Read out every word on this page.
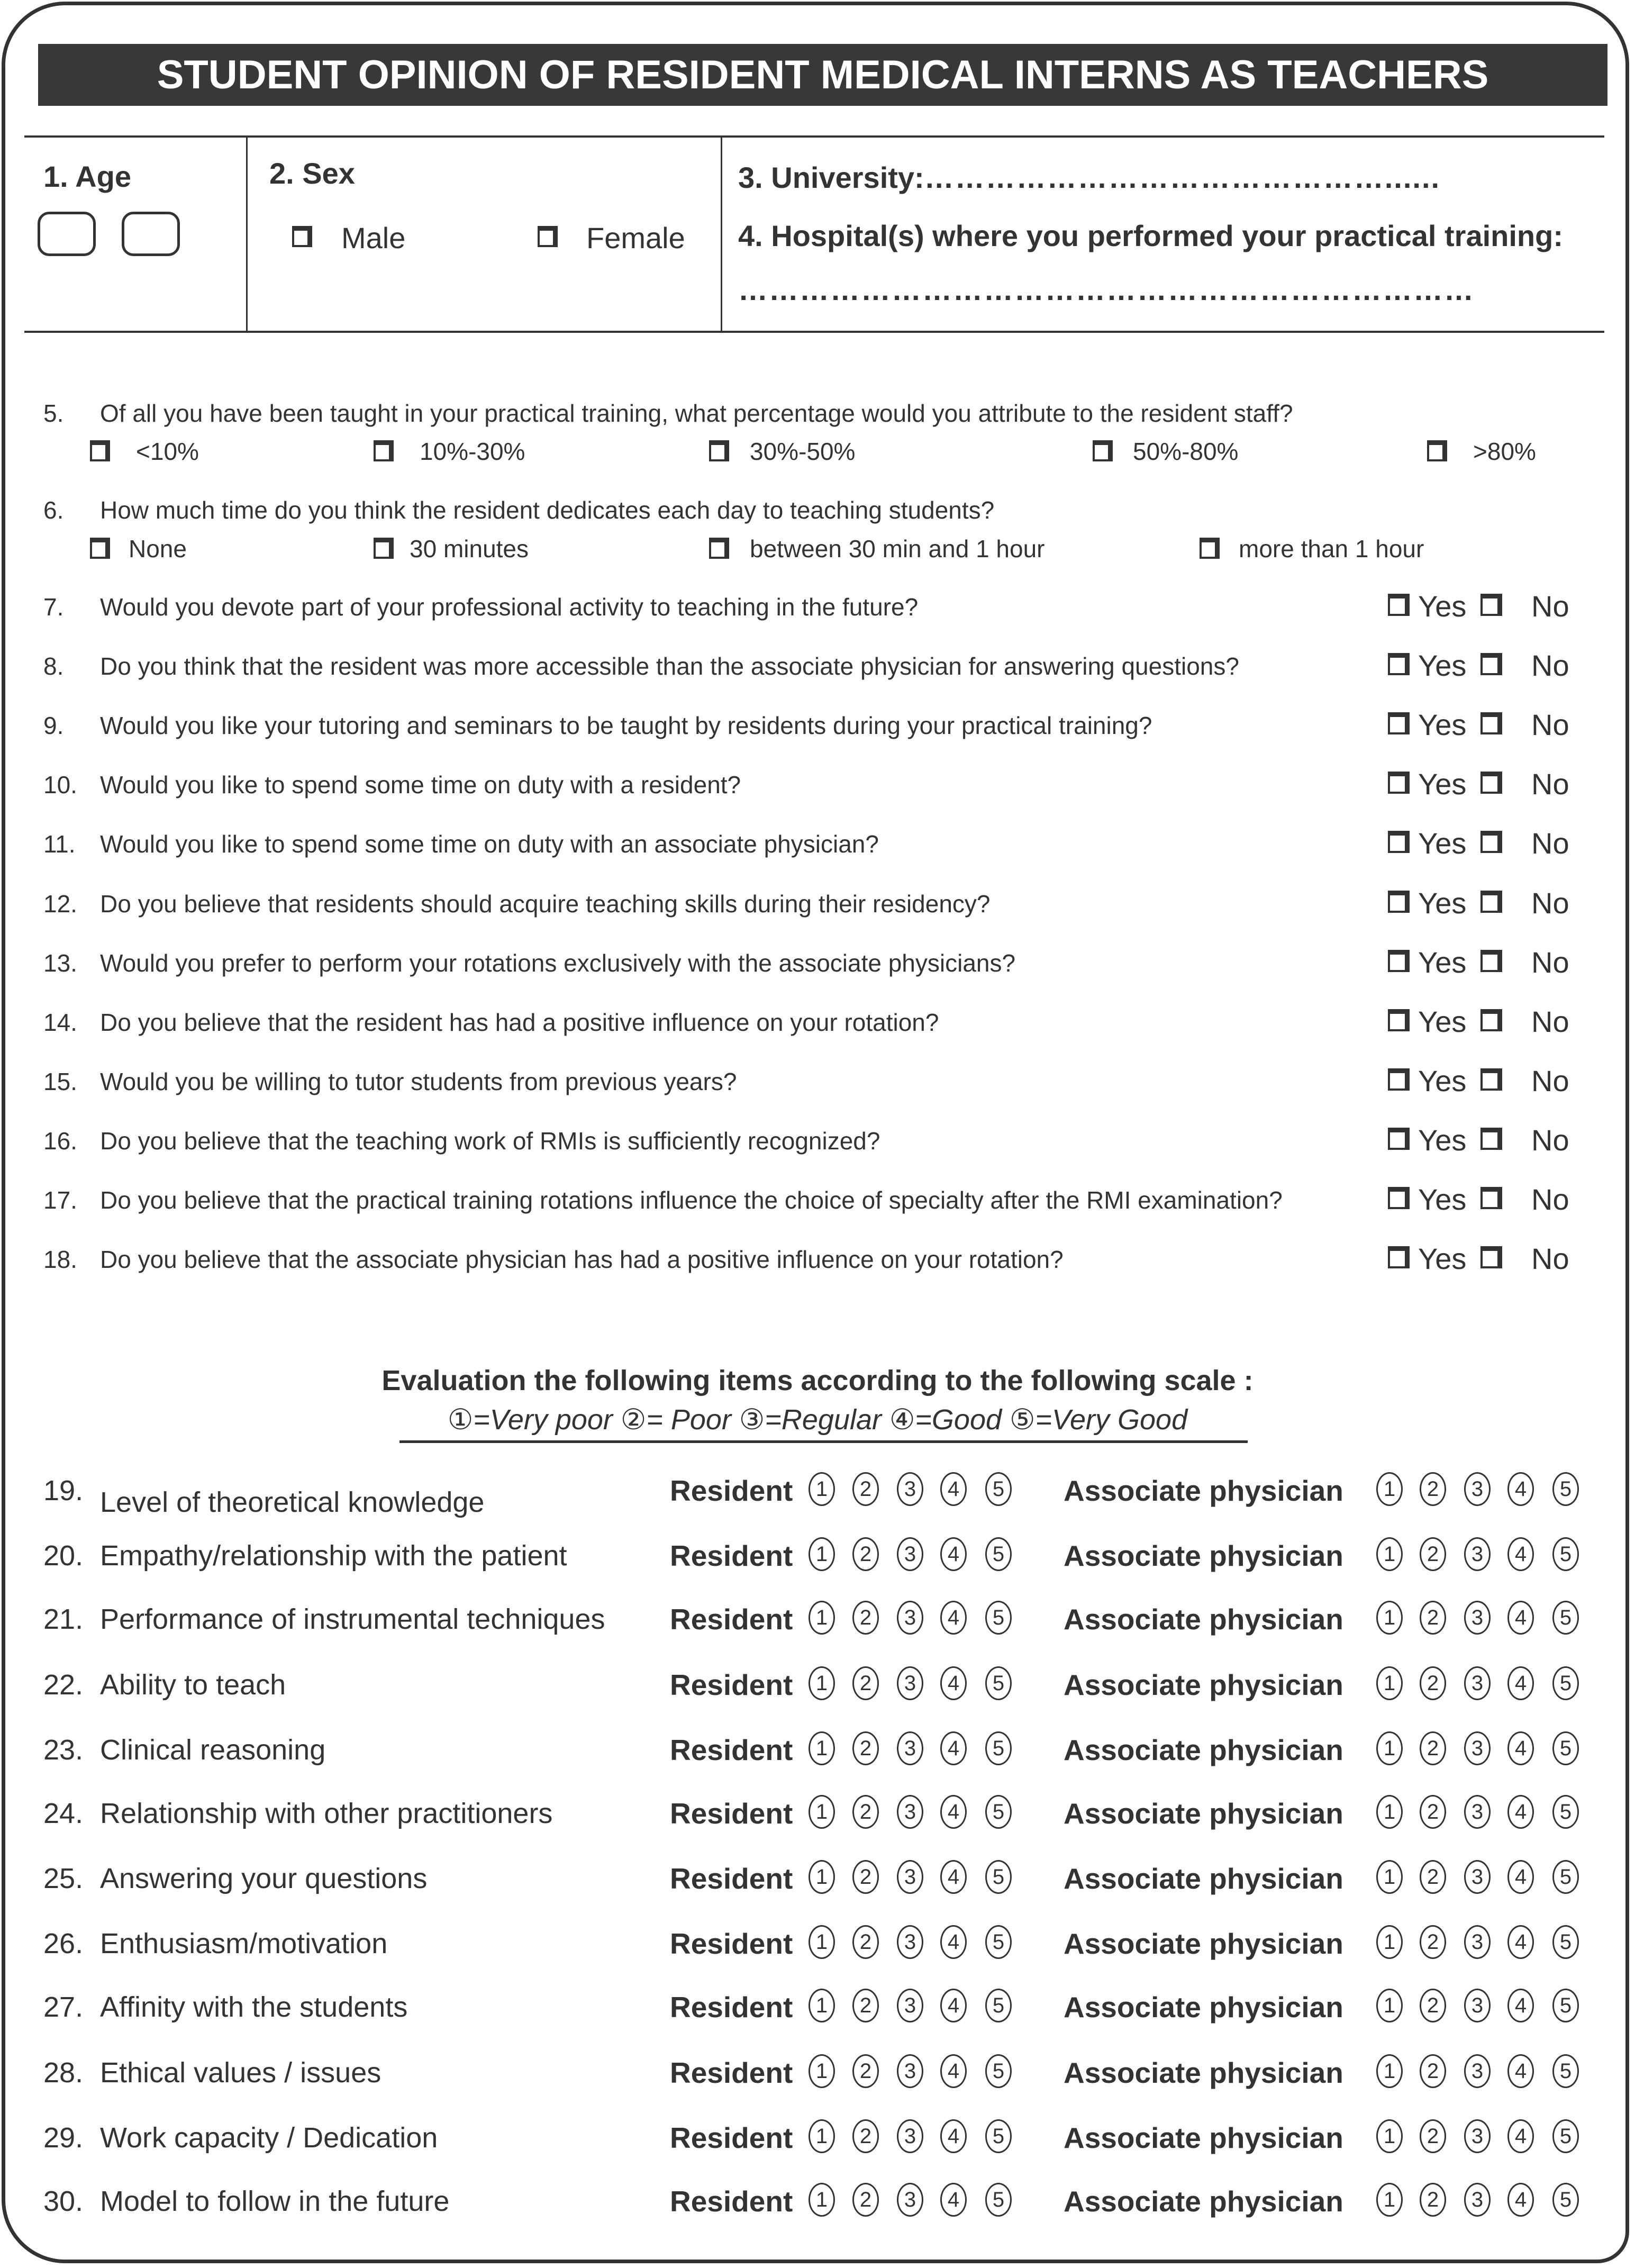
STUDENT OPINION OF RESIDENT MEDICAL INTERNS AS TEACHERS
1. Age	2. Sex
Male	Female
3. University:………………………………………......
4. Hospital(s) where you performed your practical training:
………………………………………………………………
5. Of all you have been taught in your practical training, what percentage would you attribute to the resident staff?
<10%	10%-30%	30%-50%	50%-80%	>80%
6. How much time do you think the resident dedicates each day to teaching students?
None	30 minutes	between 30 min and 1 hour	more than 1 hour
7. Would you devote part of your professional activity to teaching in the future?	Yes No
8. Do you think that the resident was more accessible than the associate physician for answering questions?	Yes No
9. Would you like your tutoring and seminars to be taught by residents during your practical training?	Yes No
10. Would you like to spend some time on duty with a resident?	Yes No
11. Would you like to spend some time on duty with an associate physician?	Yes No
12. Do you believe that residents should acquire teaching skills during their residency?	Yes No
13. Would you prefer to perform your rotations exclusively with the associate physicians?	Yes No
14. Do you believe that the resident has had a positive influence on your rotation?	Yes No
15. Would you be willing to tutor students from previous years?	Yes No
16. Do you believe that the teaching work of RMIs is sufficiently recognized?	Yes No
17. Do you believe that the practical training rotations influence the choice of specialty after the RMI examination?	Yes No
18. Do you believe that the associate physician has had a positive influence on your rotation?	Yes No
Evaluation the following items according to the following scale :
①=Very poor ②= Poor ③=Regular ④=Good ⑤=Very Good
19. Level of theoretical knowledge	Resident	1	2	3	4	5 Associate physician	1	2	3	4	5
20. Empathy/relationship with the patient	Resident	1	2	3	4	5 Associate physician	1	2	3	4	5
21. Performance of instrumental techniques Resident	1	2	3	4	5 Associate physician	1	2	3	4	5
22. Ability to teach	Resident	1	2	3	4	5 Associate physician	1	2	3	4	5
23. Clinical reasoning	Resident	1	2	3	4	5 Associate physician	1	2	3	4	5
24. Relationship with other practitioners	Resident	1	2	3	4	5 Associate physician	1	2	3	4	5
25. Answering your questions	Resident	1	2	3	4	5 Associate physician	1	2	3	4	5
26. Enthusiasm/motivation	Resident	1	2	3	4	5 Associate physician	1	2	3	4	5
27. Affinity with the students	Resident	1	2	3	4	5 Associate physician	1	2	3	4	5
28. Ethical values / issues	Resident	1	2	3	4	5 Associate physician	1	2	3	4	5
29. Work capacity / Dedication	Resident	1	2	3	4	5 Associate physician	1	2	3	4	5
30. Model to follow in the future	Resident	1	2	3	4	5 Associate physician	1	2	3	4	5
